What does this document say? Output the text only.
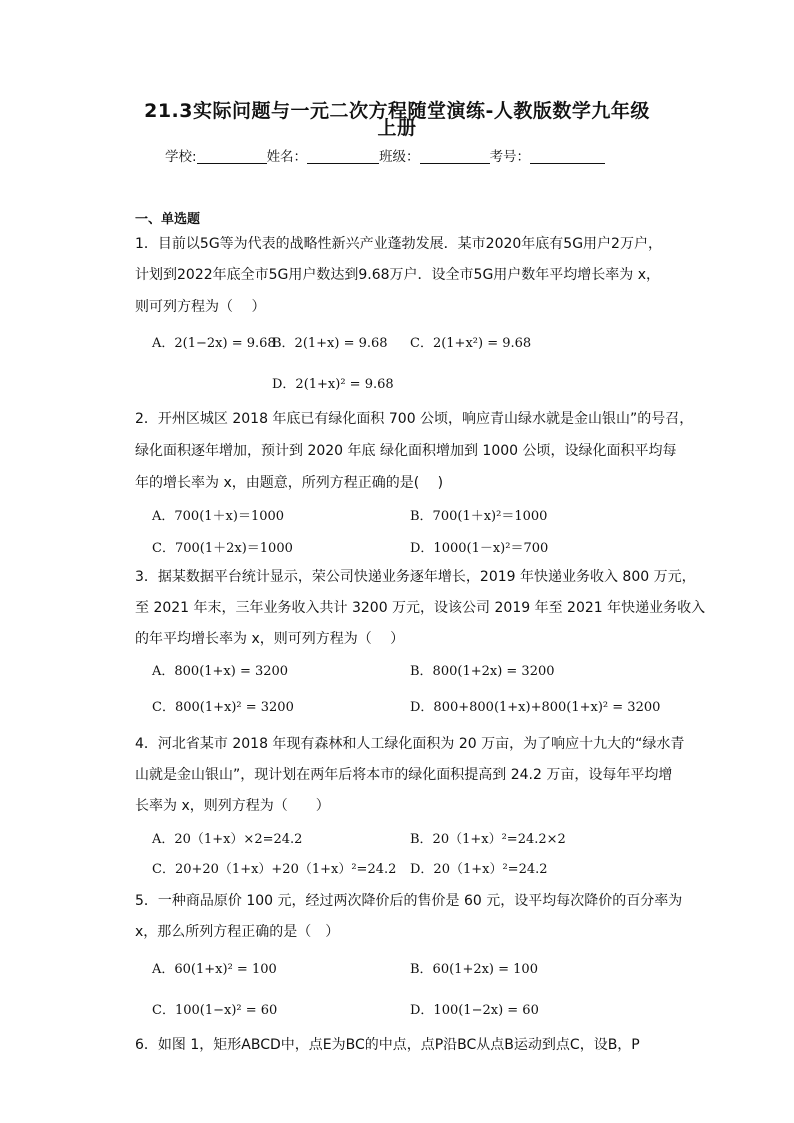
21.3实际问题与一元二次方程随堂演练-人教版数学九年级
上册
学校:	姓名：	班级：	考号：
一、单选题
1．目前以5G等为代表的战略性新兴产业蓬勃发展．某市2020年底有5G用户2万户，
计划到2022年底全市5G用户数达到9.68万户．设全市5G用户数年平均增长率为 x，
则可列方程为（　 ）
A．2(1−2x) = 9.68
B．2(1+x) = 9.68 C．2(1+x²) = 9.68
D．2(1+x)² = 9.68
2．开州区城区 2018 年底已有绿化面积 700 公顷，响应青山绿水就是金山银山”的号召，
绿化面积逐年增加，预计到 2020 年底 绿化面积增加到 1000 公顷，设绿化面积平均每
年的增长率为 x，由题意，所列方程正确的是(　 )
A．700(1＋x)＝1000	B．700(1＋x)²＝1000
C．700(1＋2x)＝1000	D．1000(1－x)²＝700
3．据某数据平台统计显示，荣公司快递业务逐年增长，2019 年快递业务收入 800 万元，
至 2021 年末，三年业务收入共计 3200 万元，设该公司 2019 年至 2021 年快递业务收入
的年平均增长率为 x，则可列方程为（　 ）
A．800(1+x) = 3200	B．800(1+2x) = 3200
C．800(1+x)² = 3200	D．800+800(1+x)+800(1+x)² = 3200
4．河北省某市 2018 年现有森林和人工绿化面积为 20 万亩，为了响应十九大的“绿水青
山就是金山银山”，现计划在两年后将本市的绿化面积提高到 24.2 万亩，设每年平均增
长率为 x，则列方程为（　　）
A．20（1+x）×2=24.2	B．20（1+x）²=24.2×2
C．20+20（1+x）+20（1+x）²=24.2 D．20（1+x）²=24.2
5．一种商品原价 100 元，经过两次降价后的售价是 60 元，设平均每次降价的百分率为
x，那么所列方程正确的是（　）
A．60(1+x)² = 100	B．60(1+2x) = 100
C．100(1−x)² = 60	D．100(1−2x) = 60
6．如图 1，矩形ABCD中，点E为BC的中点，点P沿BC从点B运动到点C，设B，P
